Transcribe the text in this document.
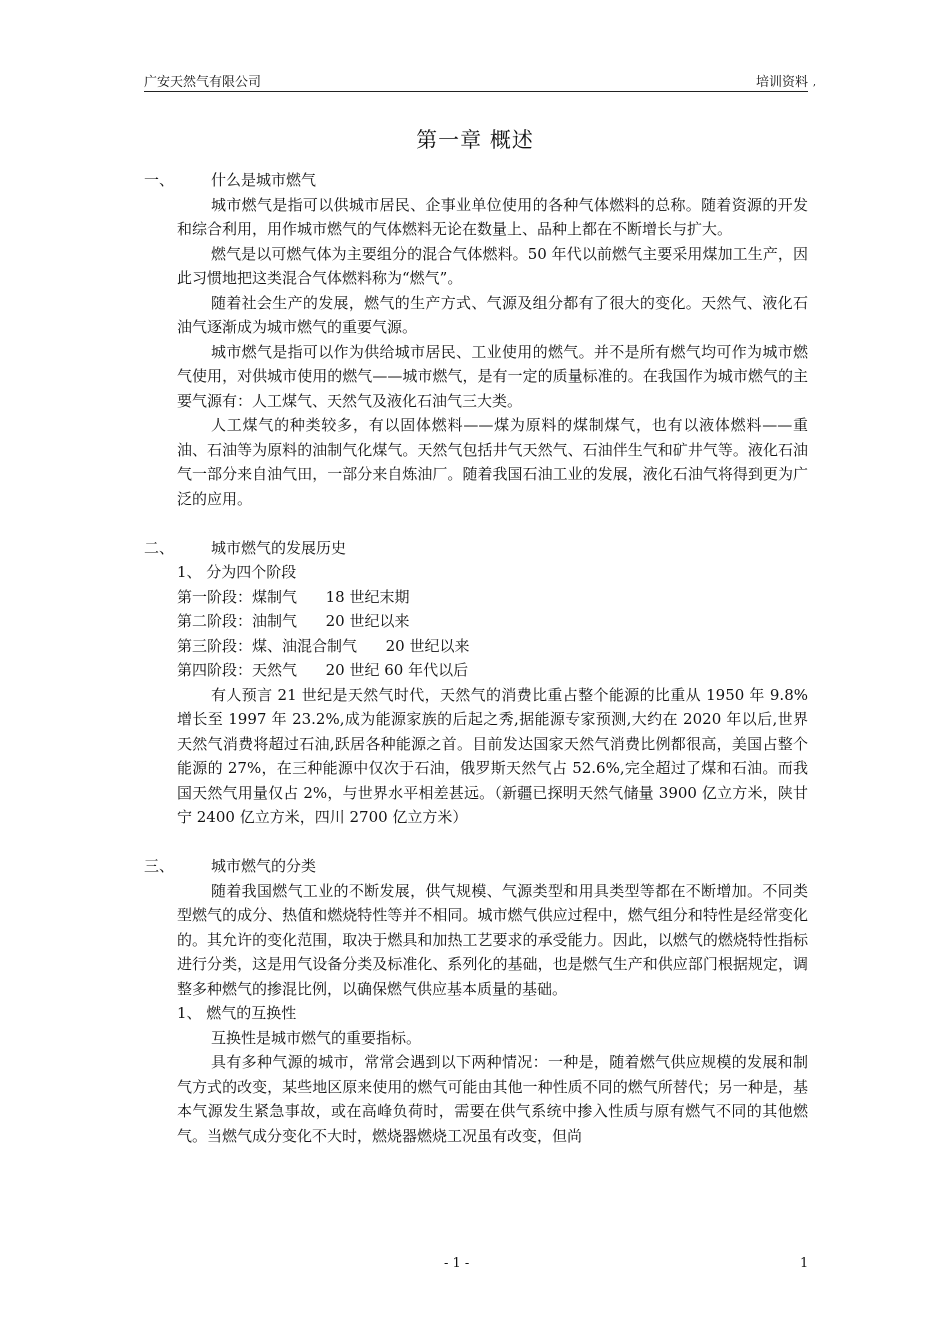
广安天然气有限公司	培训资料 ,
第一章 概述
一、 什么是城市燃气
城市燃气是指可以供城市居民、企事业单位使用的各种气体燃料的总称。随着资源的开发和综合利用，用作城市燃气的气体燃料无论在数量上、品种上都在不断增长与扩大。
燃气是以可燃气体为主要组分的混合气体燃料。50 年代以前燃气主要采用煤加工生产，因此习惯地把这类混合气体燃料称为“燃气”。
随着社会生产的发展，燃气的生产方式、气源及组分都有了很大的变化。天然气、液化石油气逐渐成为城市燃气的重要气源。
城市燃气是指可以作为供给城市居民、工业使用的燃气。并不是所有燃气均可作为城市燃气使用，对供城市使用的燃气——城市燃气，是有一定的质量标准的。在我国作为城市燃气的主要气源有：人工煤气、天然气及液化石油气三大类。
人工煤气的种类较多，有以固体燃料——煤为原料的煤制煤气，也有以液体燃料——重油、石油等为原料的油制气化煤气。天然气包括井气天然气、石油伴生气和矿井气等。液化石油气一部分来自油气田，一部分来自炼油厂。随着我国石油工业的发展，液化石油气将得到更为广泛的应用。
二、 城市燃气的发展历史
1、 分为四个阶段
第一阶段：煤制气      18 世纪末期
第二阶段：油制气      20 世纪以来
第三阶段：煤、油混合制气      20 世纪以来
第四阶段：天然气      20 世纪 60 年代以后
有人预言 21 世纪是天然气时代，天然气的消费比重占整个能源的比重从 1950 年 9.8%增长至 1997 年 23.2%,成为能源家族的后起之秀,据能源专家预测,大约在 2020 年以后,世界天然气消费将超过石油,跃居各种能源之首。目前发达国家天然气消费比例都很高，美国占整个能源的 27%，在三种能源中仅次于石油，俄罗斯天然气占 52.6%,完全超过了煤和石油。而我国天然气用量仅占 2%，与世界水平相差甚远。（新疆已探明天然气储量 3900 亿立方米，陕甘宁 2400 亿立方米，四川 2700 亿立方米）
三、 城市燃气的分类
随着我国燃气工业的不断发展，供气规模、气源类型和用具类型等都在不断增加。不同类型燃气的成分、热值和燃烧特性等并不相同。城市燃气供应过程中，燃气组分和特性是经常变化的。其允许的变化范围，取决于燃具和加热工艺要求的承受能力。因此，以燃气的燃烧特性指标进行分类，这是用气设备分类及标准化、系列化的基础，也是燃气生产和供应部门根据规定，调整多种燃气的掺混比例，以确保燃气供应基本质量的基础。
1、 燃气的互换性
互换性是城市燃气的重要指标。
具有多种气源的城市，常常会遇到以下两种情况：一种是，随着燃气供应规模的发展和制气方式的改变，某些地区原来使用的燃气可能由其他一种性质不同的燃气所替代；另一种是，基本气源发生紧急事故，或在高峰负荷时，需要在供气系统中掺入性质与原有燃气不同的其他燃气。当燃气成分变化不大时，燃烧器燃烧工况虽有改变，但尚
- 1 -	1
